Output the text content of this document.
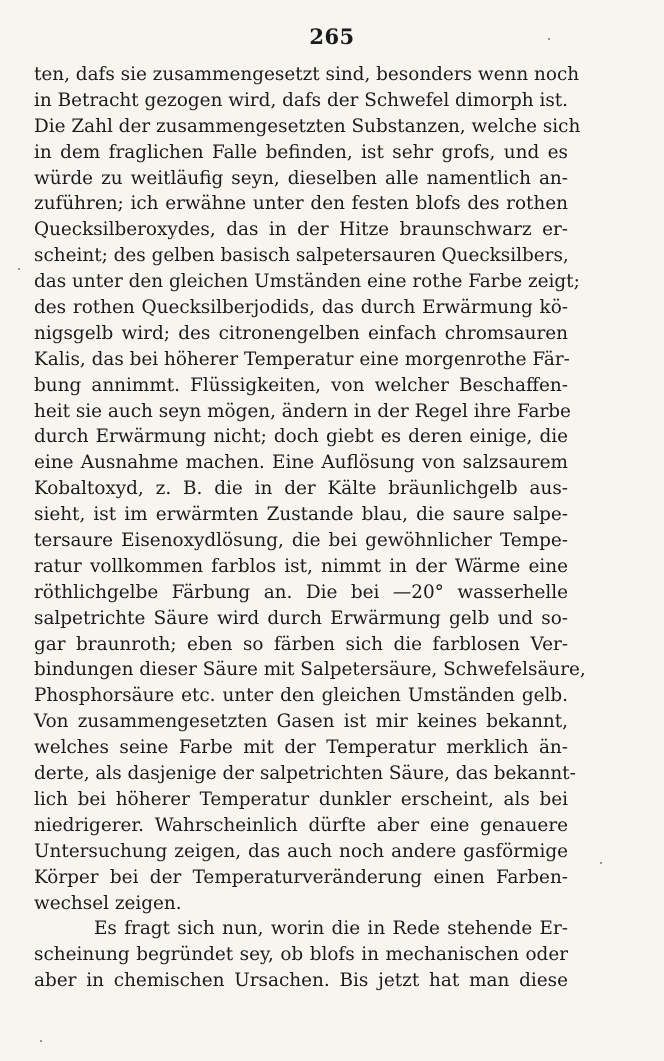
265
ten, dafs sie zusammengesetzt sind, besonders wenn noch
in Betracht gezogen wird, dafs der Schwefel dimorph ist.
Die Zahl der zusammengesetzten Substanzen, welche sich
in dem fraglichen Falle befinden, ist sehr grofs, und es
würde zu weitläufig seyn, dieselben alle namentlich an-
zuführen; ich erwähne unter den festen blofs des rothen
Quecksilberoxydes, das in der Hitze braunschwarz er-
scheint; des gelben basisch salpetersauren Quecksilbers,
das unter den gleichen Umständen eine rothe Farbe zeigt;
des rothen Quecksilberjodids, das durch Erwärmung kö-
nigsgelb wird; des citronengelben einfach chromsauren
Kalis, das bei höherer Temperatur eine morgenrothe Fär-
bung annimmt. Flüssigkeiten, von welcher Beschaffen-
heit sie auch seyn mögen, ändern in der Regel ihre Farbe
durch Erwärmung nicht; doch giebt es deren einige, die
eine Ausnahme machen. Eine Auflösung von salzsaurem
Kobaltoxyd, z. B. die in der Kälte bräunlichgelb aus-
sieht, ist im erwärmten Zustande blau, die saure salpe-
tersaure Eisenoxydlösung, die bei gewöhnlicher Tempe-
ratur vollkommen farblos ist, nimmt in der Wärme eine
röthlichgelbe Färbung an. Die bei —20° wasserhelle
salpetrichte Säure wird durch Erwärmung gelb und so-
gar braunroth; eben so färben sich die farblosen Ver-
bindungen dieser Säure mit Salpetersäure, Schwefelsäure,
Phosphorsäure etc. unter den gleichen Umständen gelb.
Von zusammengesetzten Gasen ist mir keines bekannt,
welches seine Farbe mit der Temperatur merklich än-
derte, als dasjenige der salpetrichten Säure, das bekannt-
lich bei höherer Temperatur dunkler erscheint, als bei
niedrigerer. Wahrscheinlich dürfte aber eine genauere
Untersuchung zeigen, das auch noch andere gasförmige
Körper bei der Temperaturveränderung einen Farben-
wechsel zeigen.
Es fragt sich nun, worin die in Rede stehende Er-
scheinung begründet sey, ob blofs in mechanischen oder
aber in chemischen Ursachen. Bis jetzt hat man diese
